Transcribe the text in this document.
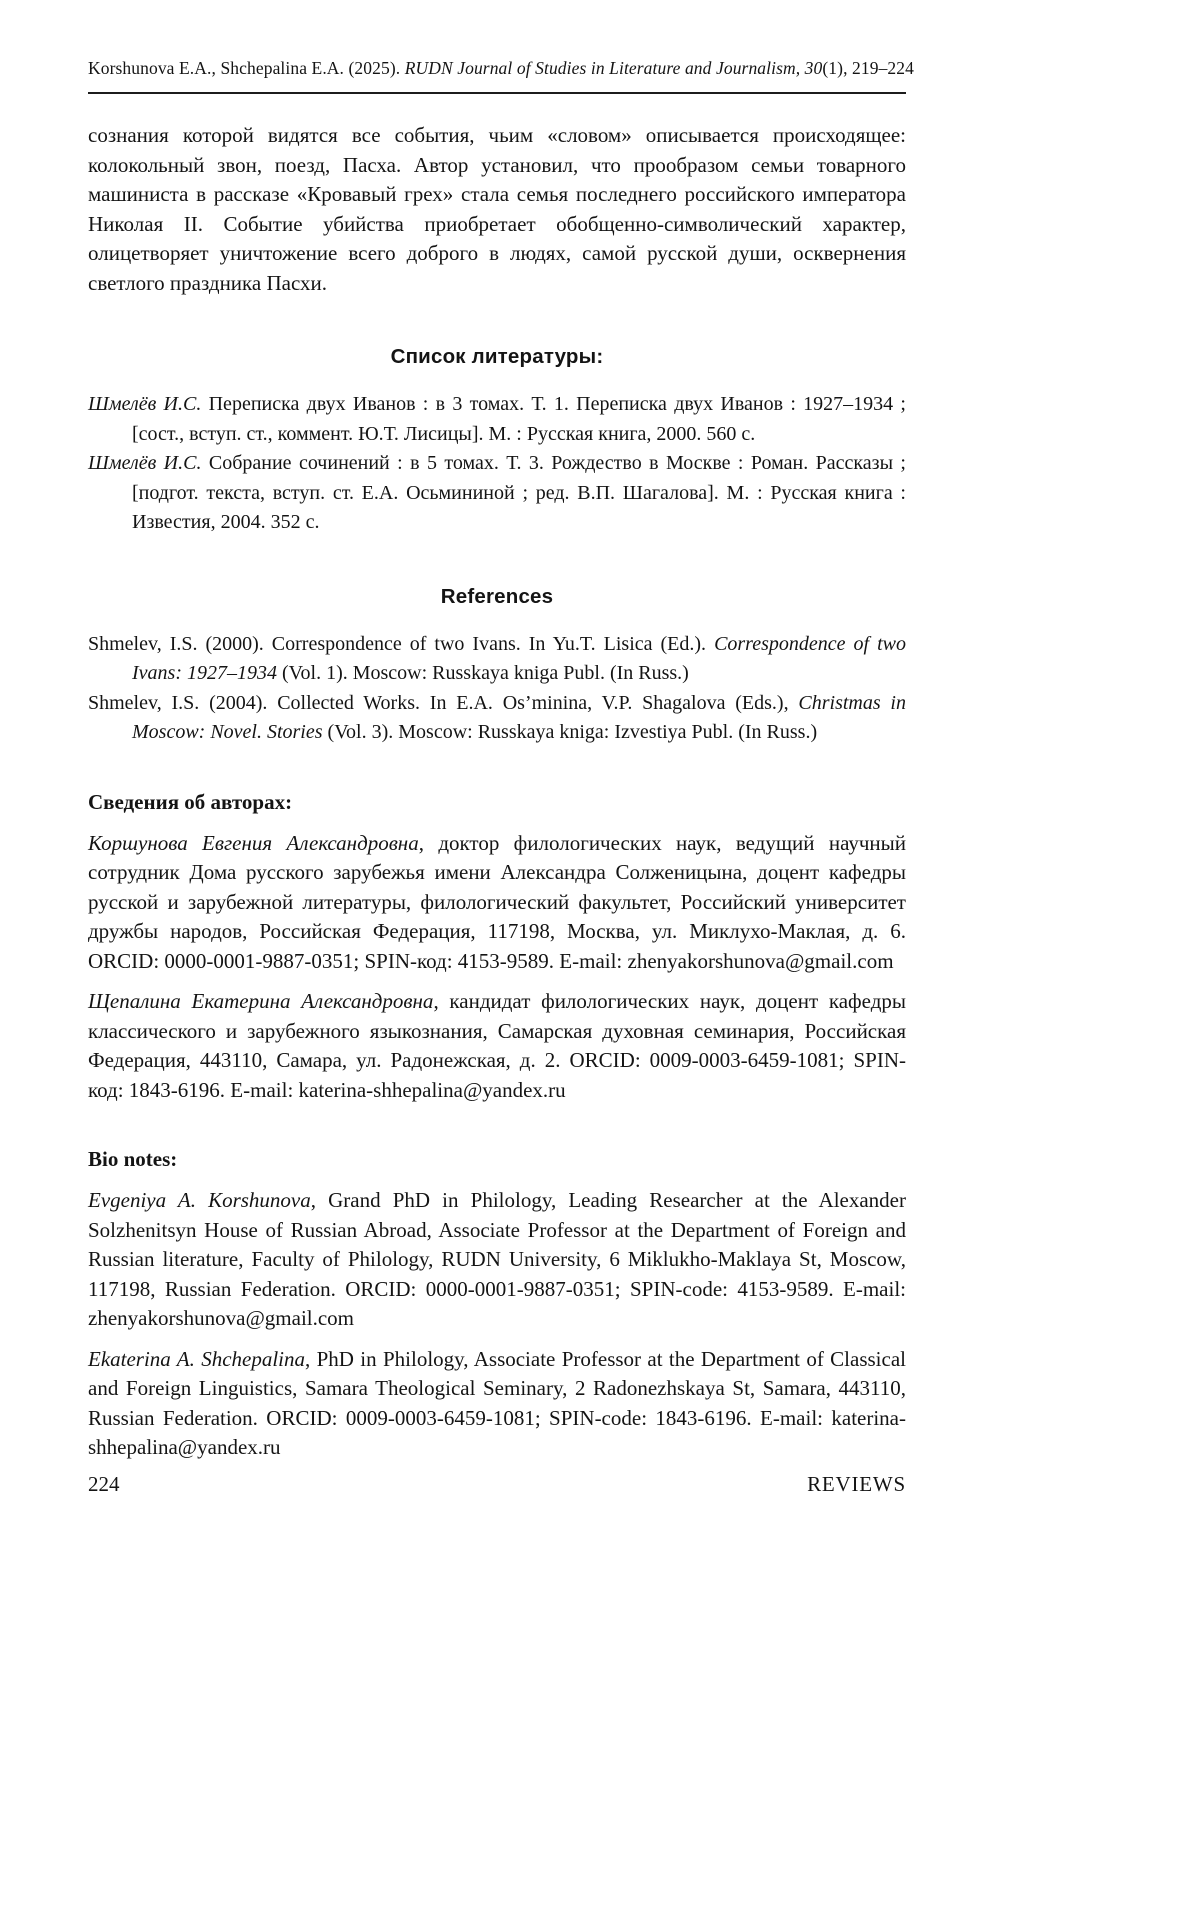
Korshunova E.A., Shchepalina E.A. (2025). RUDN Journal of Studies in Literature and Journalism, 30(1), 219–224

сознания которой видятся все события, чьим «словом» описывается происходящее: колокольный звон, поезд, Пасха. Автор установил, что прообразом семьи товарного машиниста в рассказе «Кровавый грех» стала семья последнего российского императора Николая II. Событие убийства приобретает обобщенно-символический характер, олицетворяет уничтожение всего доброго в людях, самой русской души, осквернения светлого праздника Пасхи.

Список литературы:
Шмелёв И.С. Переписка двух Иванов : в 3 томах. Т. 1. Переписка двух Иванов : 1927–1934 ; [сост., вступ. ст., коммент. Ю.Т. Лисицы]. М. : Русская книга, 2000. 560 с.
Шмелёв И.С. Собрание сочинений : в 5 томах. Т. 3. Рождество в Москве : Роман. Рассказы ; [подгот. текста, вступ. ст. Е.А. Осьмининой ; ред. В.П. Шагалова]. М. : Русская книга : Известия, 2004. 352 с.
References
Shmelev, I.S. (2000). Correspondence of two Ivans. In Yu.T. Lisica (Ed.). Correspondence of two Ivans: 1927–1934 (Vol. 1). Moscow: Russkaya kniga Publ. (In Russ.)
Shmelev, I.S. (2004). Collected Works. In E.A. Os’minina, V.P. Shagalova (Eds.), Christmas in Moscow: Novel. Stories (Vol. 3). Moscow: Russkaya kniga: Izvestiya Publ. (In Russ.)
Сведения об авторах:

Коршунова Евгения Александровна, доктор филологических наук, ведущий научный сотрудник Дома русского зарубежья имени Александра Солженицына, доцент кафедры русской и зарубежной литературы, филологический факультет, Российский университет дружбы народов, Российская Федерация, 117198, Москва, ул. Миклухо-Маклая, д. 6. ORCID: 0000-0001-9887-0351; SPIN-код: 4153-9589. E-mail: zhenyakorshunova@gmail.com

Щепалина Екатерина Александровна, кандидат филологических наук, доцент кафедры классического и зарубежного языкознания, Самарская духовная семинария, Российская Федерация, 443110, Самара, ул. Радонежская, д. 2. ORCID: 0009-0003-6459-1081; SPIN-код: 1843-6196. E-mail: katerina-shhepalina@yandex.ru

Bio notes:

Evgeniya A. Korshunova, Grand PhD in Philology, Leading Researcher at the Alexander Solzhenitsyn House of Russian Abroad, Associate Professor at the Department of Foreign and Russian literature, Faculty of Philology, RUDN University, 6 Miklukho-Maklaya St, Moscow, 117198, Russian Federation. ORCID: 0000-0001-9887-0351; SPIN-code: 4153-9589. E-mail: zhenyakorshunova@gmail.com

Ekaterina A. Shchepalina, PhD in Philology, Associate Professor at the Department of Classical and Foreign Linguistics, Samara Theological Seminary, 2 Radonezhskaya St, Samara, 443110, Russian Federation. ORCID: 0009-0003-6459-1081; SPIN-code: 1843-6196. E-mail: katerina-shhepalina@yandex.ru

224	REVIEWS
